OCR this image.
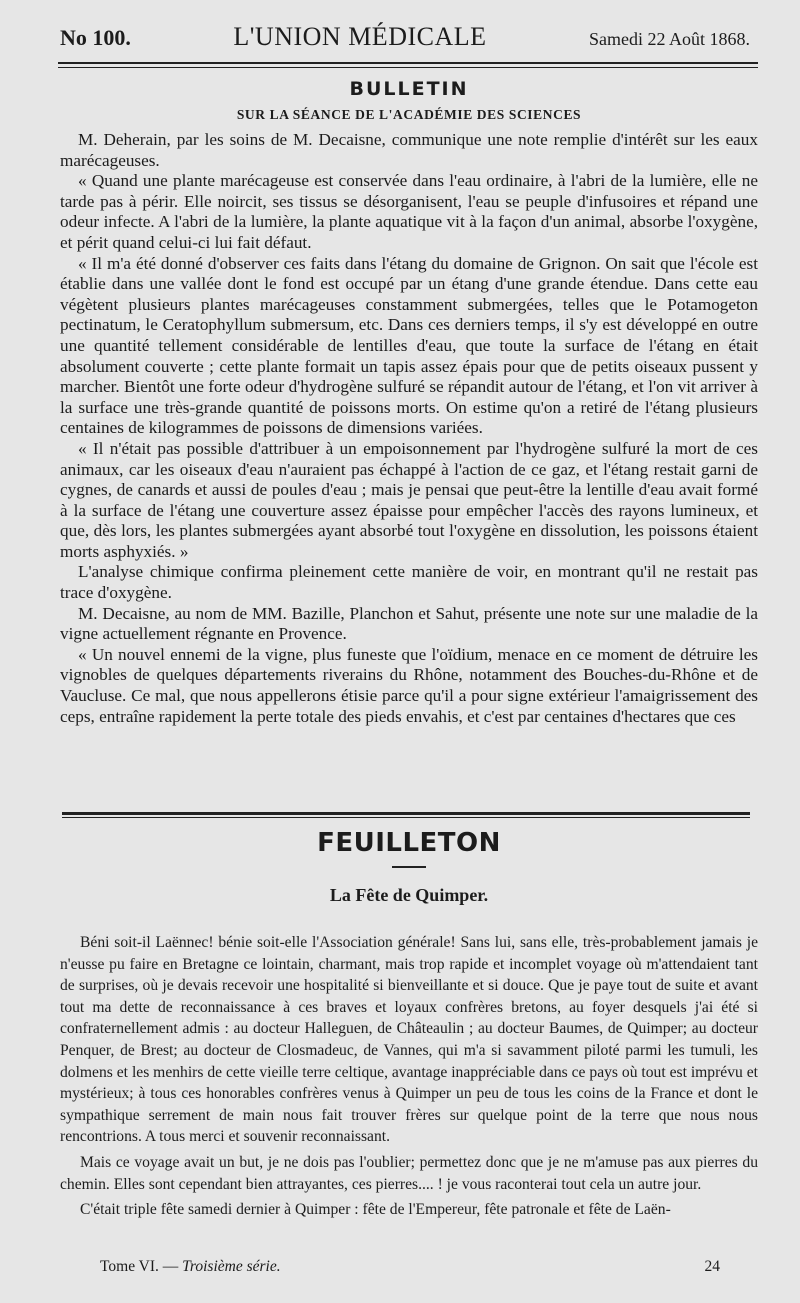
No 100.	L'UNION MÉDICALE	Samedi 22 Août 1868.
BULLETIN
SUR LA SÉANCE DE L'ACADÉMIE DES SCIENCES

M. Deherain, par les soins de M. Decaisne, communique une note remplie d'intérêt sur les eaux marécageuses.

« Quand une plante marécageuse est conservée dans l'eau ordinaire, à l'abri de la lumière, elle ne tarde pas à périr. Elle noircit, ses tissus se désorganisent, l'eau se peuple d'infusoires et répand une odeur infecte. A l'abri de la lumière, la plante aquatique vit à la façon d'un animal, absorbe l'oxygène, et périt quand celui-ci lui fait défaut.

« Il m'a été donné d'observer ces faits dans l'étang du domaine de Grignon. On sait que l'école est établie dans une vallée dont le fond est occupé par un étang d'une grande étendue. Dans cette eau végètent plusieurs plantes marécageuses constamment submergées, telles que le Potamogeton pectinatum, le Ceratophyllum submersum, etc. Dans ces derniers temps, il s'y est développé en outre une quantité tellement considérable de lentilles d'eau, que toute la surface de l'étang en était absolument couverte ; cette plante formait un tapis assez épais pour que de petits oiseaux pussent y marcher. Bientôt une forte odeur d'hydrogène sulfuré se répandit autour de l'étang, et l'on vit arriver à la surface une très-grande quantité de poissons morts. On estime qu'on a retiré de l'étang plusieurs centaines de kilogrammes de poissons de dimensions variées.

« Il n'était pas possible d'attribuer à un empoisonnement par l'hydrogène sulfuré la mort de ces animaux, car les oiseaux d'eau n'auraient pas échappé à l'action de ce gaz, et l'étang restait garni de cygnes, de canards et aussi de poules d'eau ; mais je pensai que peut-être la lentille d'eau avait formé à la surface de l'étang une couverture assez épaisse pour empêcher l'accès des rayons lumineux, et que, dès lors, les plantes submergées ayant absorbé tout l'oxygène en dissolution, les poissons étaient morts asphyxiés. »

L'analyse chimique confirma pleinement cette manière de voir, en montrant qu'il ne restait pas trace d'oxygène.

M. Decaisne, au nom de MM. Bazille, Planchon et Sahut, présente une note sur une maladie de la vigne actuellement régnante en Provence.

« Un nouvel ennemi de la vigne, plus funeste que l'oïdium, menace en ce moment de détruire les vignobles de quelques départements riverains du Rhône, notamment des Bouches-du-Rhône et de Vaucluse. Ce mal, que nous appellerons étisie parce qu'il a pour signe extérieur l'amaigrissement des ceps, entraîne rapidement la perte totale des pieds envahis, et c'est par centaines d'hectares que ces

FEUILLETON
La Fête de Quimper.

Béni soit-il Laënnec! bénie soit-elle l'Association générale! Sans lui, sans elle, très-probablement jamais je n'eusse pu faire en Bretagne ce lointain, charmant, mais trop rapide et incomplet voyage où m'attendaient tant de surprises, où je devais recevoir une hospitalité si bienveillante et si douce. Que je paye tout de suite et avant tout ma dette de reconnaissance à ces braves et loyaux confrères bretons, au foyer desquels j'ai été si confraternellement admis : au docteur Halleguen, de Châteaulin ; au docteur Baumes, de Quimper; au docteur Penquer, de Brest; au docteur de Closmadeuc, de Vannes, qui m'a si savamment piloté parmi les tumuli, les dolmens et les menhirs de cette vieille terre celtique, avantage inappréciable dans ce pays où tout est imprévu et mystérieux; à tous ces honorables confrères venus à Quimper un peu de tous les coins de la France et dont le sympathique serrement de main nous fait trouver frères sur quelque point de la terre que nous nous rencontrions. A tous merci et souvenir reconnaissant.

Mais ce voyage avait un but, je ne dois pas l'oublier; permettez donc que je ne m'amuse pas aux pierres du chemin. Elles sont cependant bien attrayantes, ces pierres.... ! je vous raconterai tout cela un autre jour.

C'était triple fête samedi dernier à Quimper : fête de l'Empereur, fête patronale et fête de Laën-

Tome VI. — Troisième série.	24
